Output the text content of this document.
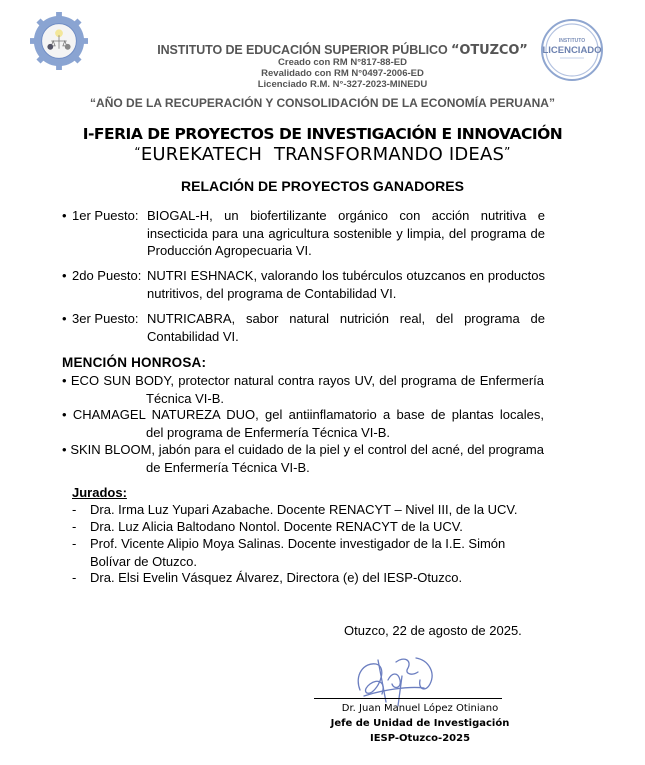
INSTITUTO
LICENCIADO
INSTITUTO DE EDUCACIÓN SUPERIOR PÚBLICO “OTUZCO”
Creado con RM N°817-88-ED
Revalidado con RM N°0497-2006-ED
Licenciado R.M. N°-327-2023-MINEDU
“AÑO DE LA RECUPERACIÓN Y CONSOLIDACIÓN DE LA ECONOMÍA PERUANA”
I-FERIA DE PROYECTOS DE INVESTIGACIÓN E INNOVACIÓN
“EUREKATECH  TRANSFORMANDO IDEAS”
RELACIÓN DE PROYECTOS GANADORES
• 1er Puesto: BIOGAL-H, un biofertilizante orgánico con acción nutritiva e insecticida para una agricultura sostenible y limpia, del programa de Producción Agropecuaria VI.
• 2do Puesto: NUTRI ESHNACK, valorando los tubérculos otuzcanos en productos nutritivos, del programa de Contabilidad VI.
• 3er Puesto: NUTRICABRA, sabor natural nutrición real, del programa de Contabilidad VI.
MENCIÓN HONROSA:
• ECO SUN BODY, protector natural contra rayos UV, del programa de Enfermería
Técnica VI-B.
• CHAMAGEL NATUREZA DUO, gel antiinflamatorio a base de plantas locales,
del programa de Enfermería Técnica VI-B.
• SKIN BLOOM, jabón para el cuidado de la piel y el control del acné, del programa
de Enfermería Técnica VI-B.
Jurados:
- Dra. Irma Luz Yupari Azabache. Docente RENACYT – Nivel III, de la UCV.
- Dra. Luz Alicia Baltodano Nontol. Docente RENACYT de la UCV.
- Prof. Vicente Alipio Moya Salinas. Docente investigador de la I.E. Simón Bolívar de Otuzco.
- Dra. Elsi Evelin Vásquez Álvarez, Directora (e) del IESP-Otuzco.
Otuzco, 22 de agosto de 2025.
Dr. Juan Manuel López Otiniano
Jefe de Unidad de Investigación
IESP-Otuzco-2025
